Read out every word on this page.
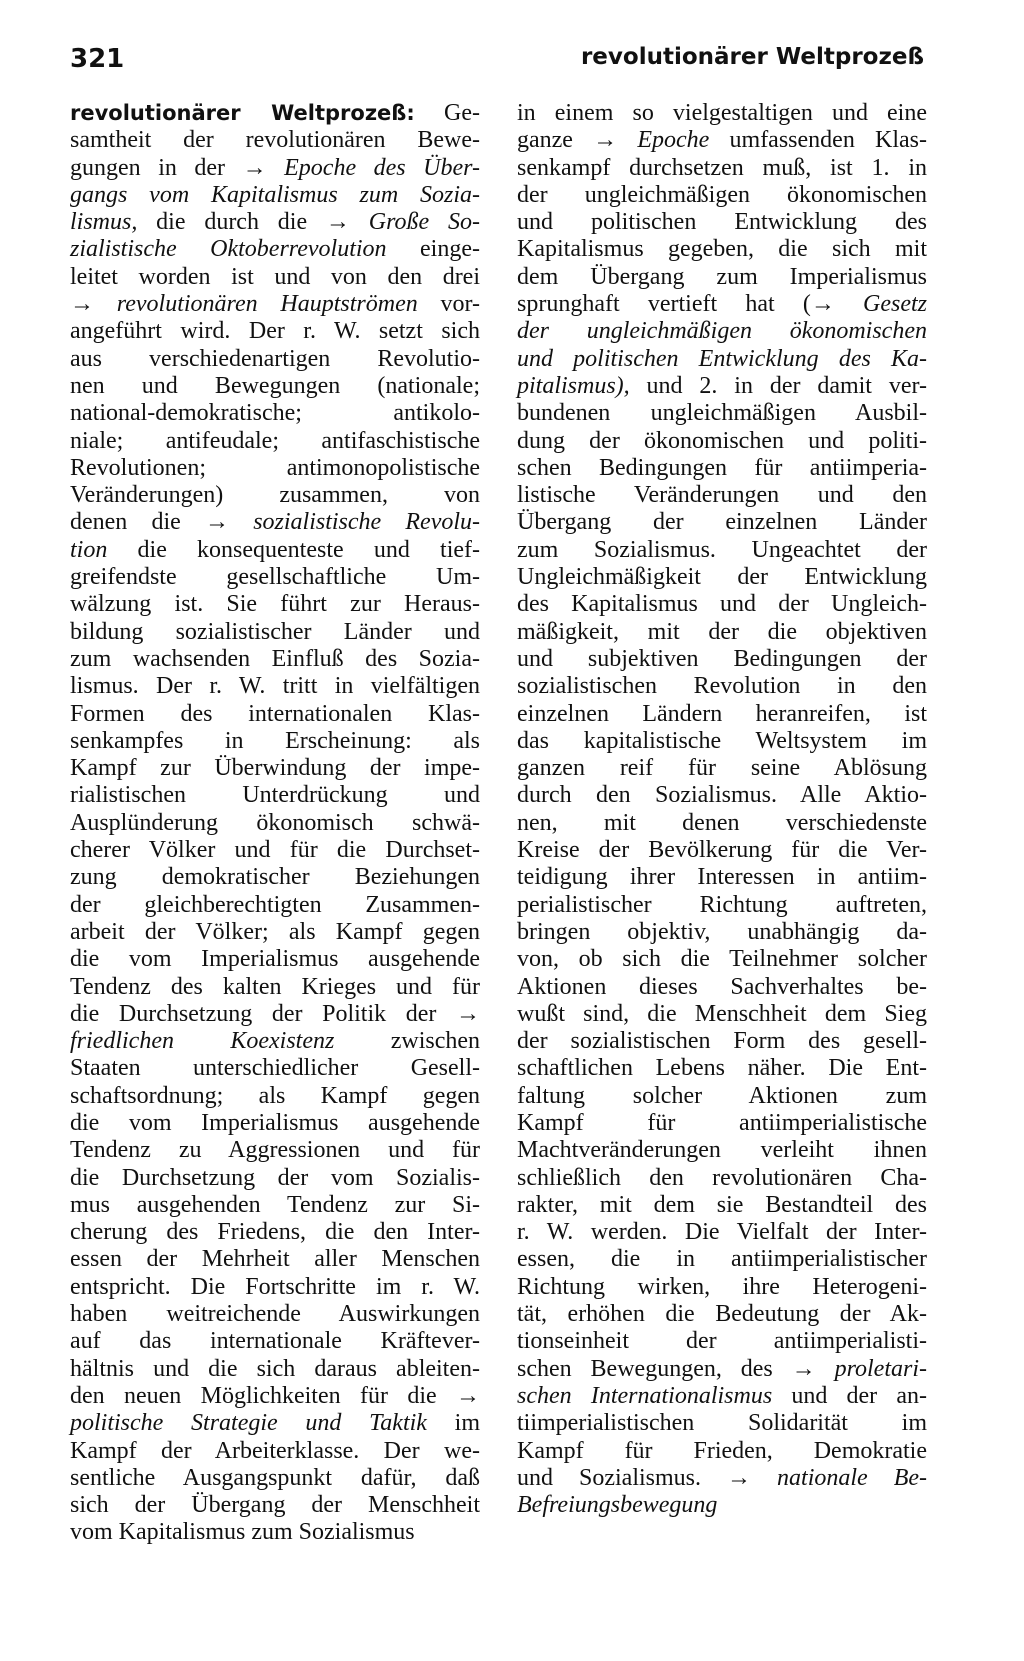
321	revolutionärer Weltprozeß
revolutionärer Weltprozeß: Ge-
samtheit der revolutionären Bewe-
gungen in der → Epoche des Über-
gangs vom Kapitalismus zum Sozia-
lismus, die durch die → Große So-
zialistische Oktoberrevolution einge-
leitet worden ist und von den drei
→ revolutionären Hauptströmen vor-
angeführt wird. Der r. W. setzt sich
aus verschiedenartigen Revolutio-
nen und Bewegungen (nationale;
national-demokratische; antikolo-
niale; antifeudale; antifaschistische
Revolutionen; antimonopolistische
Veränderungen) zusammen, von
denen die → sozialistische Revolu-
tion die konsequenteste und tief-
greifendste gesellschaftliche Um-
wälzung ist. Sie führt zur Heraus-
bildung sozialistischer Länder und
zum wachsenden Einfluß des Sozia-
lismus. Der r. W. tritt in vielfältigen
Formen des internationalen Klas-
senkampfes in Erscheinung: als
Kampf zur Überwindung der impe-
rialistischen Unterdrückung und
Ausplünderung ökonomisch schwä-
cherer Völker und für die Durchset-
zung demokratischer Beziehungen
der gleichberechtigten Zusammen-
arbeit der Völker; als Kampf gegen
die vom Imperialismus ausgehende
Tendenz des kalten Krieges und für
die Durchsetzung der Politik der →
friedlichen Koexistenz zwischen
Staaten unterschiedlicher Gesell-
schaftsordnung; als Kampf gegen
die vom Imperialismus ausgehende
Tendenz zu Aggressionen und für
die Durchsetzung der vom Sozialis-
mus ausgehenden Tendenz zur Si-
cherung des Friedens, die den Inter-
essen der Mehrheit aller Menschen
entspricht. Die Fortschritte im r. W.
haben weitreichende Auswirkungen
auf das internationale Kräftever-
hältnis und die sich daraus ableiten-
den neuen Möglichkeiten für die →
politische Strategie und Taktik im
Kampf der Arbeiterklasse. Der we-
sentliche Ausgangspunkt dafür, daß
sich der Übergang der Menschheit
vom Kapitalismus zum Sozialismus
in einem so vielgestaltigen und eine
ganze → Epoche umfassenden Klas-
senkampf durchsetzen muß, ist 1. in
der ungleichmäßigen ökonomischen
und politischen Entwicklung des
Kapitalismus gegeben, die sich mit
dem Übergang zum Imperialismus
sprunghaft vertieft hat (→ Gesetz
der ungleichmäßigen ökonomischen
und politischen Entwicklung des Ka-
pitalismus), und 2. in der damit ver-
bundenen ungleichmäßigen Ausbil-
dung der ökonomischen und politi-
schen Bedingungen für antiimperia-
listische Veränderungen und den
Übergang der einzelnen Länder
zum Sozialismus. Ungeachtet der
Ungleichmäßigkeit der Entwicklung
des Kapitalismus und der Ungleich-
mäßigkeit, mit der die objektiven
und subjektiven Bedingungen der
sozialistischen Revolution in den
einzelnen Ländern heranreifen, ist
das kapitalistische Weltsystem im
ganzen reif für seine Ablösung
durch den Sozialismus. Alle Aktio-
nen, mit denen verschiedenste
Kreise der Bevölkerung für die Ver-
teidigung ihrer Interessen in antiim-
perialistischer Richtung auftreten,
bringen objektiv, unabhängig da-
von, ob sich die Teilnehmer solcher
Aktionen dieses Sachverhaltes be-
wußt sind, die Menschheit dem Sieg
der sozialistischen Form des gesell-
schaftlichen Lebens näher. Die Ent-
faltung solcher Aktionen zum
Kampf für antiimperialistische
Machtveränderungen verleiht ihnen
schließlich den revolutionären Cha-
rakter, mit dem sie Bestandteil des
r. W. werden. Die Vielfalt der Inter-
essen, die in antiimperialistischer
Richtung wirken, ihre Heterogeni-
tät, erhöhen die Bedeutung der Ak-
tionseinheit der antiimperialisti-
schen Bewegungen, des → proletari-
schen Internationalismus und der an-
tiimperialistischen Solidarität im
Kampf für Frieden, Demokratie
und Sozialismus. → nationale Be-
Befreiungsbewegung
